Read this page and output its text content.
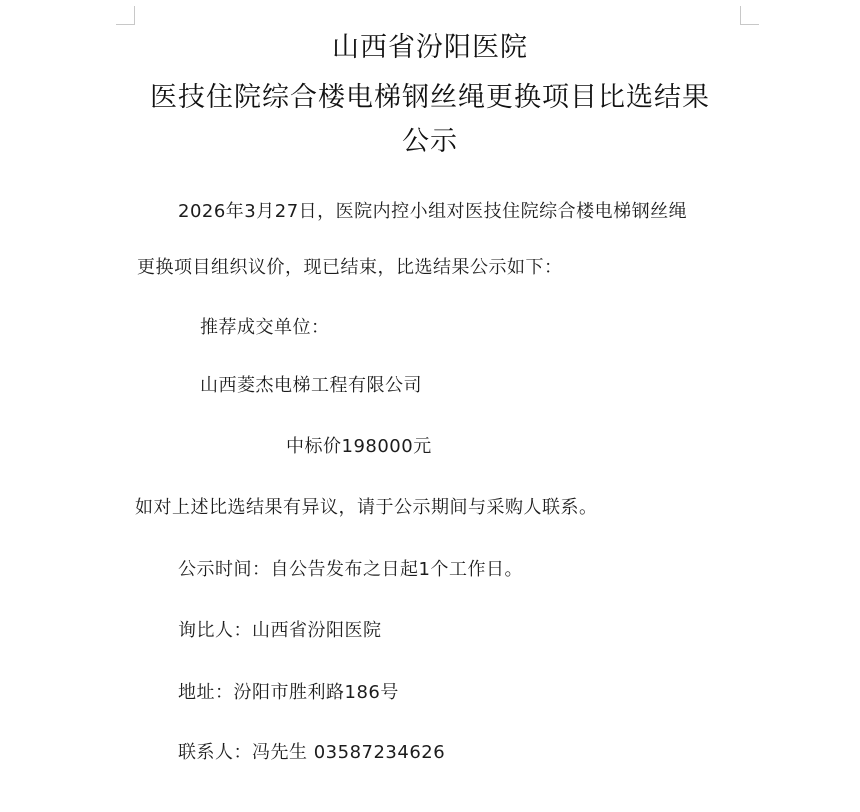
山西省汾阳医院
医技住院综合楼电梯钢丝绳更换项目比选结果
公示
2026年3月27日，医院内控小组对医技住院综合楼电梯钢丝绳
更换项目组织议价，现已结束，比选结果公示如下：
推荐成交单位：
山西菱杰电梯工程有限公司
中标价198000元
如对上述比选结果有异议，请于公示期间与采购人联系。
公示时间：自公告发布之日起1个工作日。
询比人：山西省汾阳医院
地址：汾阳市胜利路186号
联系人：冯先生 03587234626
